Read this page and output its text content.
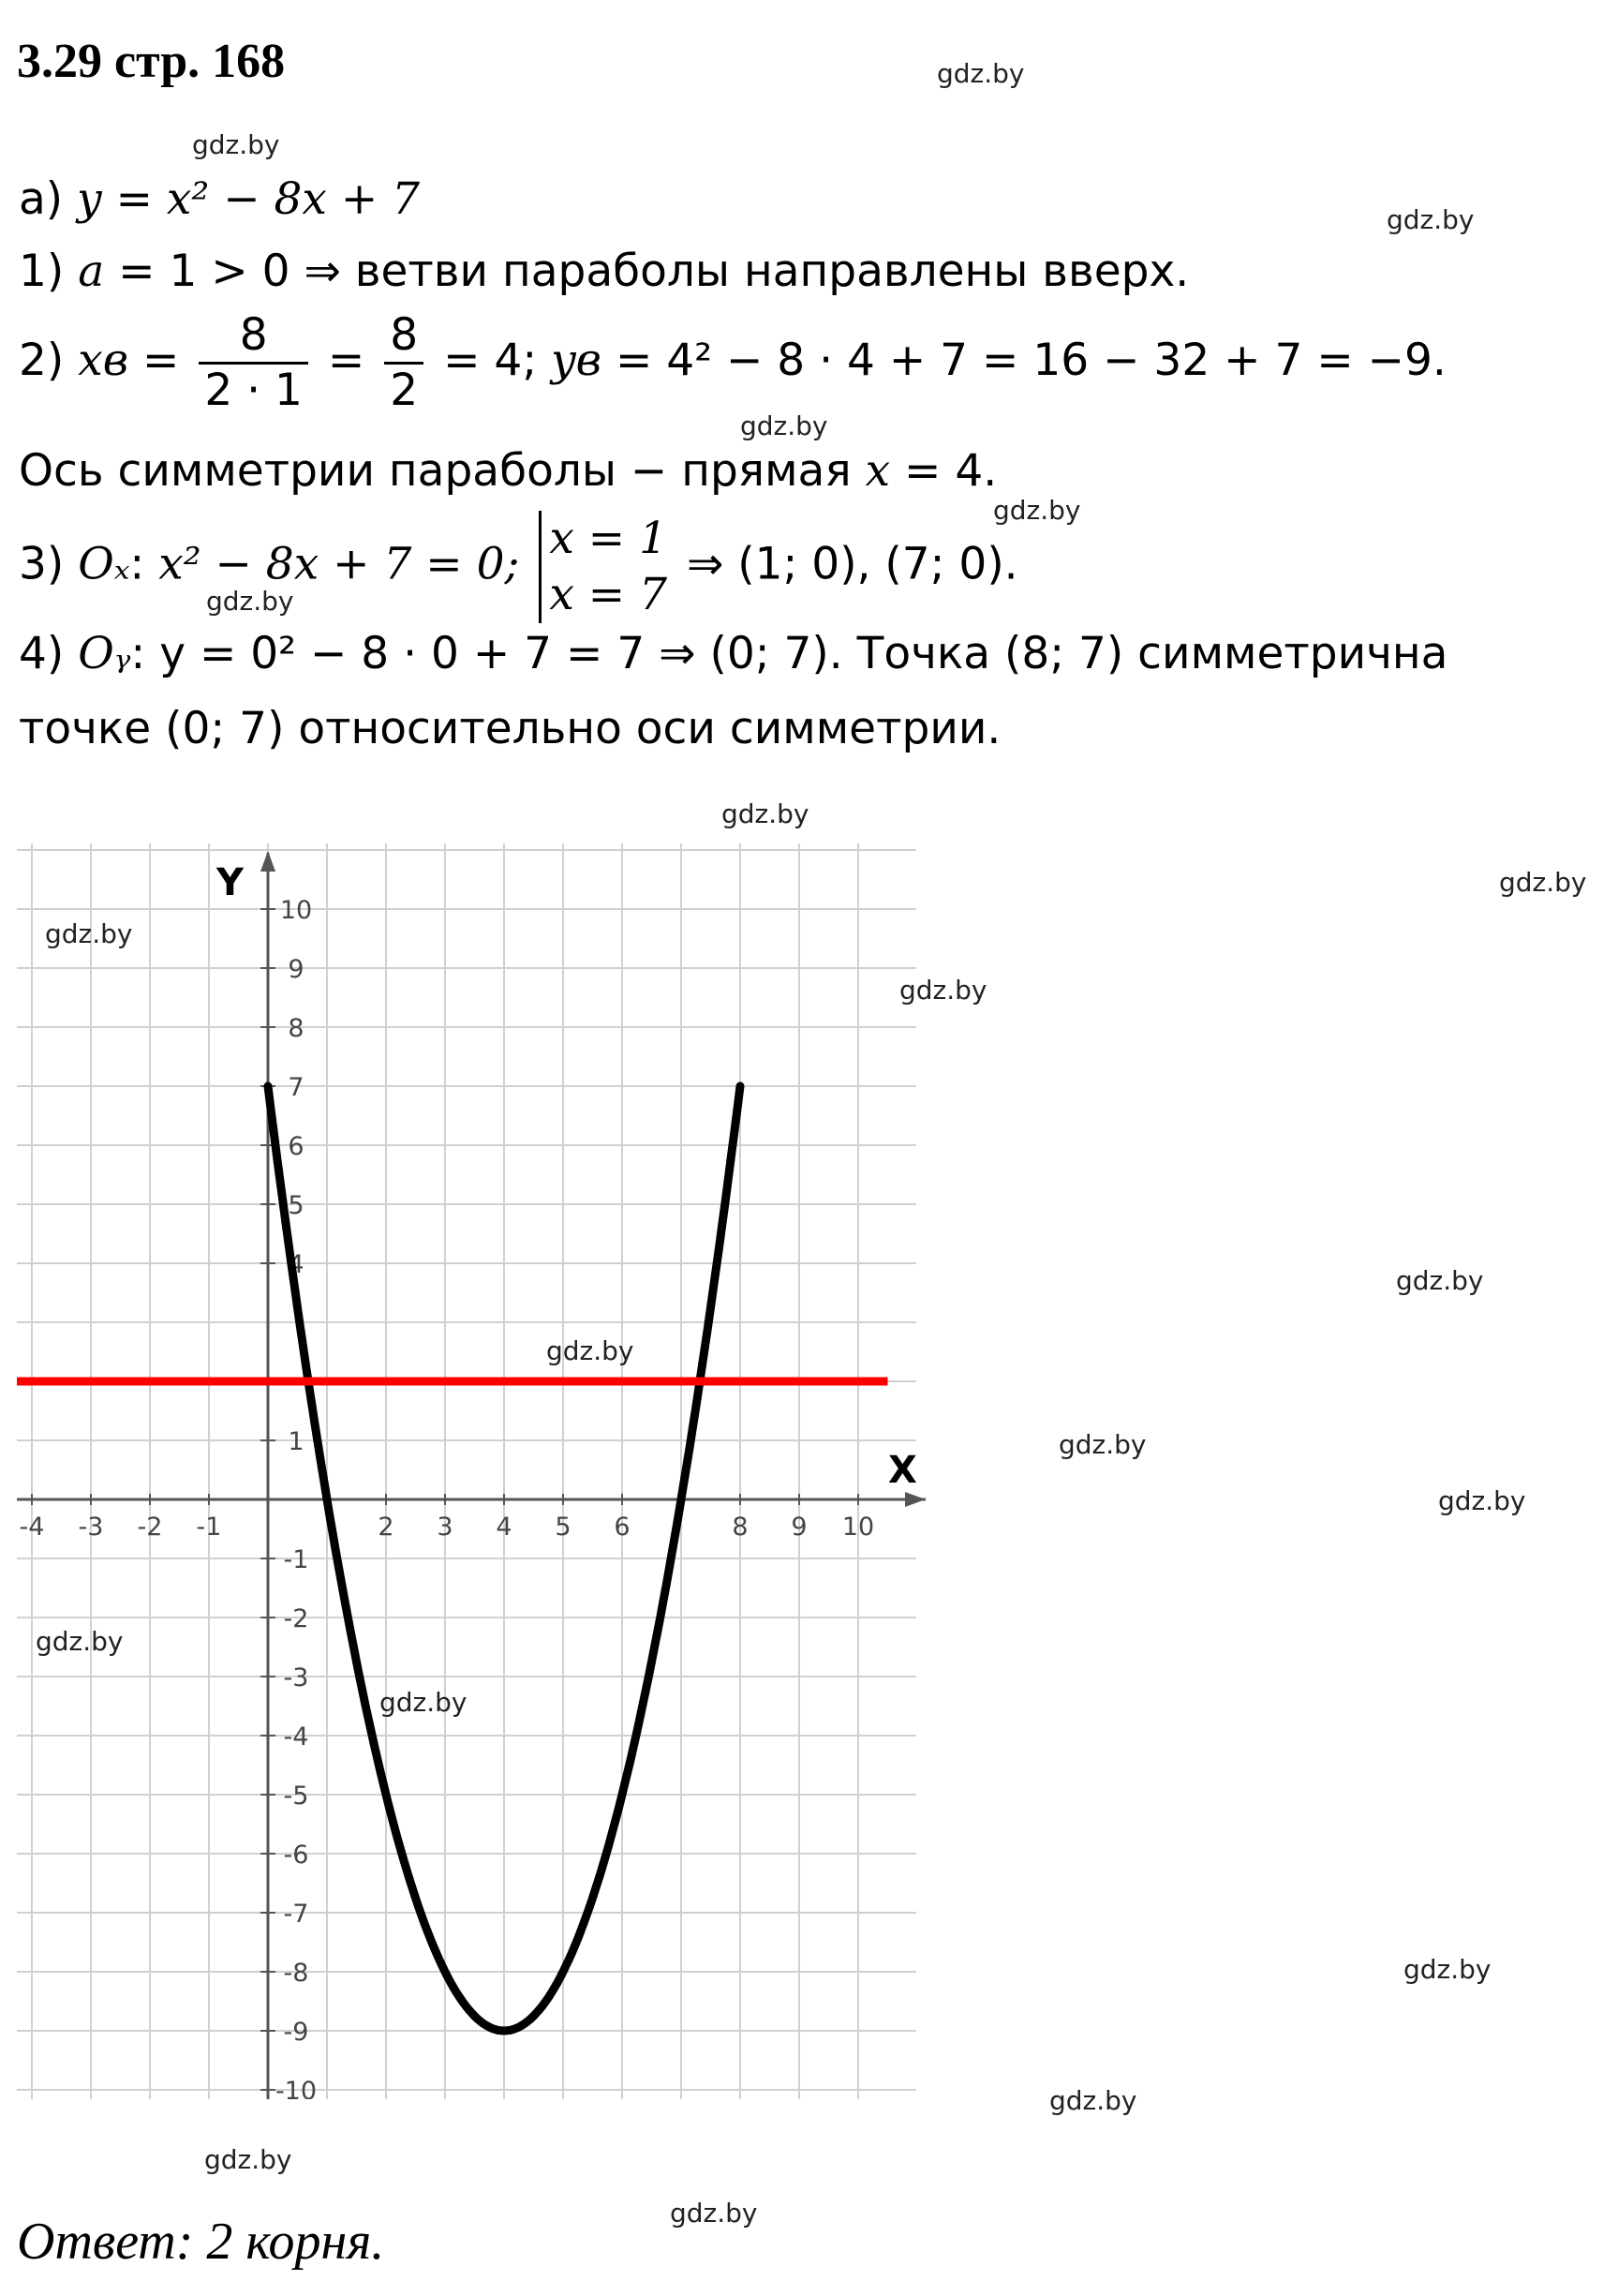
3.29 стр. 168
а) y = x² − 8x + 7
1) a = 1 > 0 ⇒ ветви параболы направлены вверх.
2) xв = $\frac{8}{2 \cdot 1} = \frac{8}{2} = 4$; yв = 4² − 8 · 4 + 7 = 16 − 32 + 7 = −9.
Ось симметрии параболы − прямая x = 4.
3) Oₓ: x² − 8x + 7 = 0; x = 1
x = 7
⇒ (1; 0), (7; 0).
4) Oᵧ: y = 0² − 8 · 0 + 7 = 7 ⇒ (0; 7). Точка (8; 7) симметрична
точке (0; 7) относительно оси симметрии.
X
Y
-4 -3 -2 -1	2 3 4 5 6	8 9 10
10
9
8
7
6
5
4
1
-1
-2
-3
-4
-5
-6
-7
-8
-9
-10
Ответ: 2 корня.
gdz.by
gdz.by
gdz.by
gdz.by
gdz.by
gdz.by
gdz.by
gdz.by
gdz.by
gdz.by
gdz.by
gdz.by
gdz.by
gdz.by
gdz.by
gdz.by
gdz.by
gdz.by
gdz.by
gdz.by
